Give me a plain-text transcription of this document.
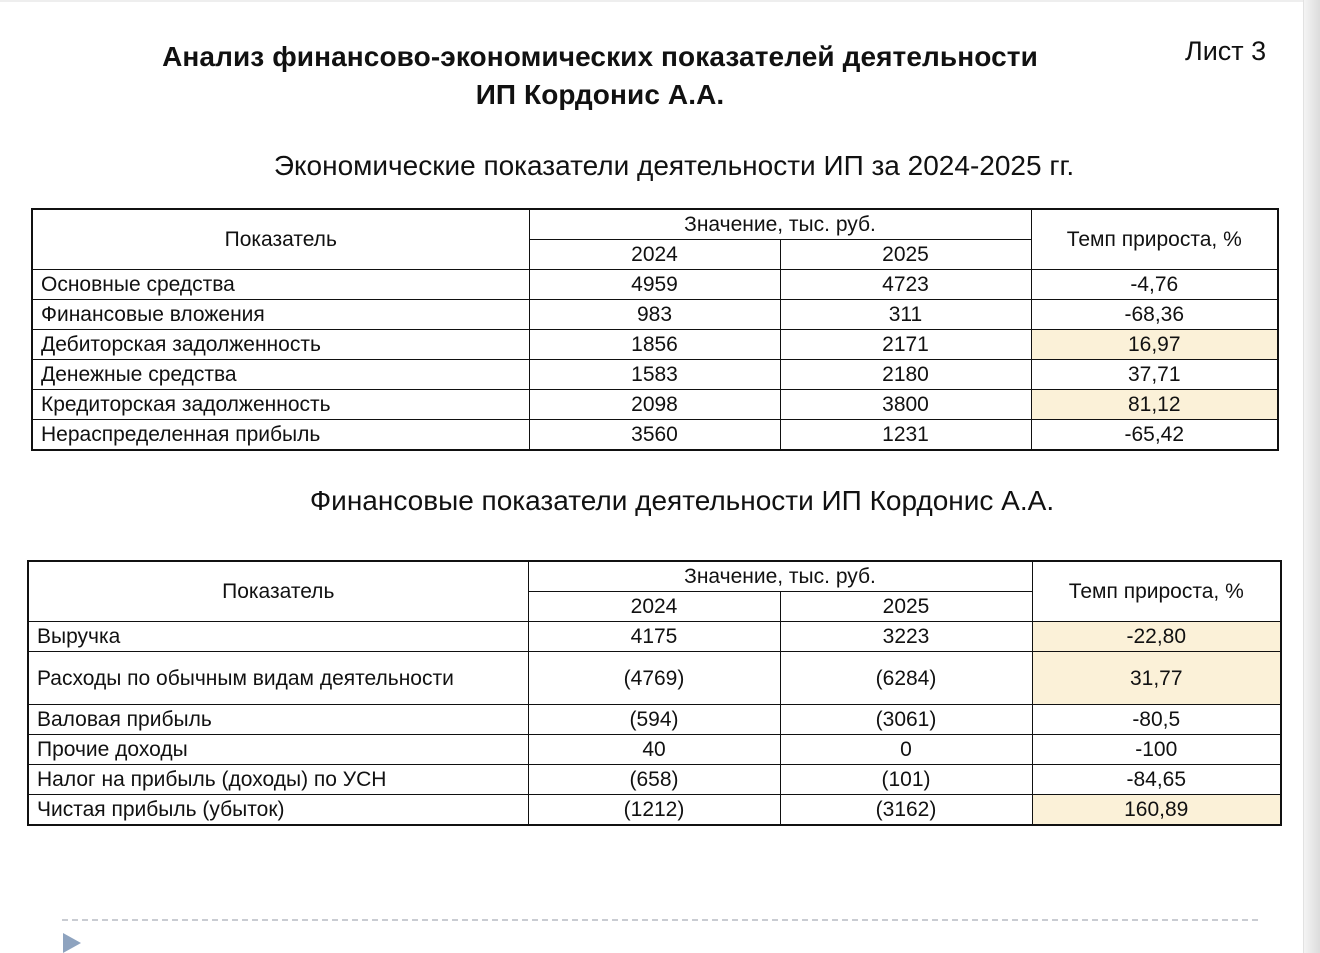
Анализ финансово-экономических показателей деятельности
ИП Кордонис А.А.
Лист 3
Экономические показатели деятельности ИП за 2024-2025 гг.
Показатель	Значение, тыс. руб.		Темп прироста, %
	2024	2025	
Основные средства	4959	4723	-4,76
Финансовые вложения	983	311	-68,36
Дебиторская задолженность	1856	2171	16,97
Денежные средства	1583	2180	37,71
Кредиторская задолженность	2098	3800	81,12
Нераспределенная прибыль	3560	1231	-65,42
Финансовые показатели деятельности ИП Кордонис А.А.
Показатель	Значение, тыс. руб.		Темп прироста, %
	2024	2025	
Выручка	4175	3223	-22,80
Расходы по обычным видам деятельности	(4769)	(6284)	31,77
Валовая прибыль	(594)	(3061)	-80,5
Прочие доходы	40	0	-100
Налог на прибыль (доходы) по УСН	(658)	(101)	-84,65
Чистая прибыль (убыток)	(1212)	(3162)	160,89
